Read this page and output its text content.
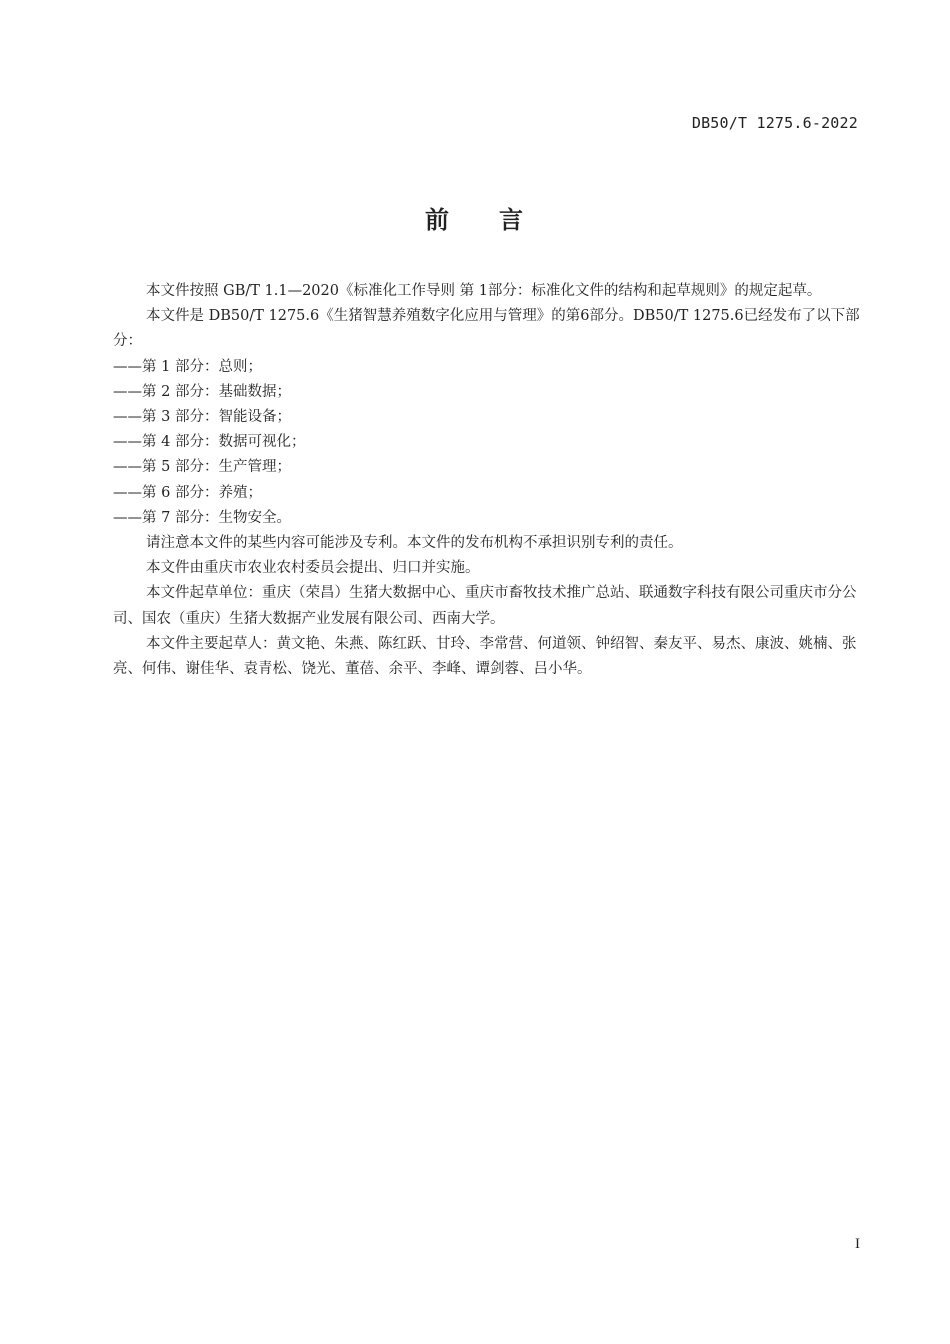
DB50/T 1275.6-2022
前 言

本文件按照 GB/T 1.1—2020《标准化工作导则 第 1部分：标准化文件的结构和起草规则》的规定起草。

本文件是 DB50/T 1275.6《生猪智慧养殖数字化应用与管理》的第6部分。DB50/T 1275.6已经发布了以下部分：

——第 1 部分：总则；

——第 2 部分：基础数据；

——第 3 部分：智能设备；

——第 4 部分：数据可视化；

——第 5 部分：生产管理；

——第 6 部分：养殖；

——第 7 部分：生物安全。

请注意本文件的某些内容可能涉及专利。本文件的发布机构不承担识别专利的责任。

本文件由重庆市农业农村委员会提出、归口并实施。

本文件起草单位：重庆（荣昌）生猪大数据中心、重庆市畜牧技术推广总站、联通数字科技有限公司重庆市分公司、国农（重庆）生猪大数据产业发展有限公司、西南大学。

本文件主要起草人：黄文艳、朱燕、陈红跃、甘玲、李常营、何道领、钟绍智、秦友平、易杰、康波、姚楠、张亮、何伟、谢佳华、袁青松、饶光、董蓓、余平、李峰、谭剑蓉、吕小华。

I
